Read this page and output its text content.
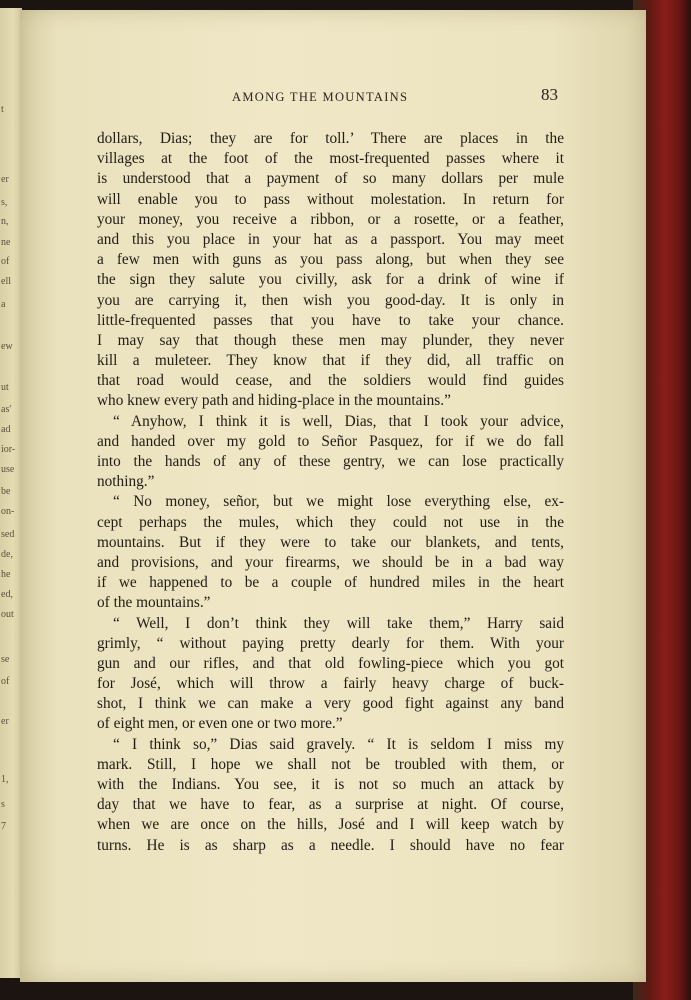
t
er
s,
n,
ne
of
ell
a
ew
ut
as'
ad
ior-
use
be
on-
sed
de,
he
ed,
out
se
of
er
1,
s
7
AMONG THE MOUNTAINS	83
dollars, Dias; they are for toll.’ There are places in the
villages at the foot of the most-frequented passes where it
is understood that a payment of so many dollars per mule
will enable you to pass without molestation. In return for
your money, you receive a ribbon, or a rosette, or a feather,
and this you place in your hat as a passport. You may meet
a few men with guns as you pass along, but when they see
the sign they salute you civilly, ask for a drink of wine if
you are carrying it, then wish you good-day. It is only in
little-frequented passes that you have to take your chance.
I may say that though these men may plunder, they never
kill a muleteer. They know that if they did, all traffic on
that road would cease, and the soldiers would find guides
who knew every path and hiding-place in the mountains.”
“ Anyhow, I think it is well, Dias, that I took your advice,
and handed over my gold to Señor Pasquez, for if we do fall
into the hands of any of these gentry, we can lose practically
nothing.”
“ No money, señor, but we might lose everything else, ex-
cept perhaps the mules, which they could not use in the
mountains. But if they were to take our blankets, and tents,
and provisions, and your firearms, we should be in a bad way
if we happened to be a couple of hundred miles in the heart
of the mountains.”
“ Well, I don’t think they will take them,” Harry said
grimly, “ without paying pretty dearly for them. With your
gun and our rifles, and that old fowling-piece which you got
for José, which will throw a fairly heavy charge of buck-
shot, I think we can make a very good fight against any band
of eight men, or even one or two more.”
“ I think so,” Dias said gravely. “ It is seldom I miss my
mark. Still, I hope we shall not be troubled with them, or
with the Indians. You see, it is not so much an attack by
day that we have to fear, as a surprise at night. Of course,
when we are once on the hills, José and I will keep watch by
turns. He is as sharp as a needle. I should have no fear
